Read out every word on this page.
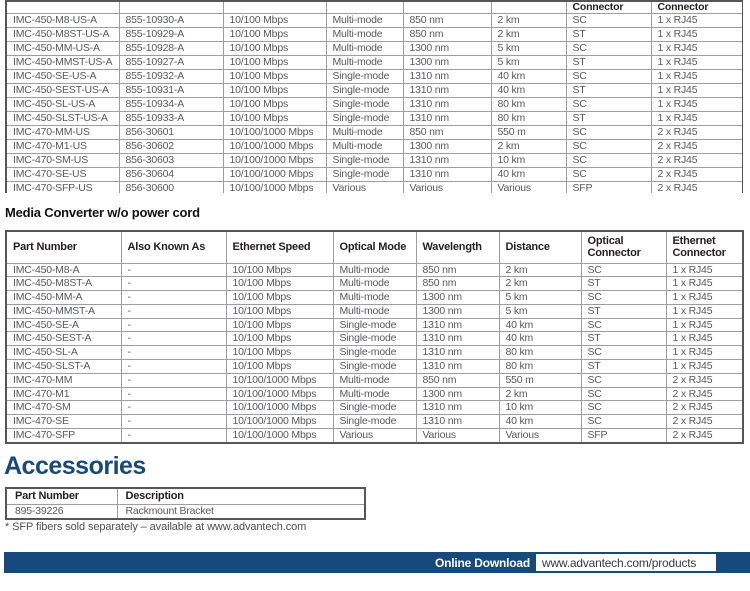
						Connector	Connector
IMC-450-M8-US-A	855-10930-A	10/100 Mbps	Multi-mode	850 nm	2 km	SC	1 x RJ45
IMC-450-M8ST-US-A	855-10929-A	10/100 Mbps	Multi-mode	850 nm	2 km	ST	1 x RJ45
IMC-450-MM-US-A	855-10928-A	10/100 Mbps	Multi-mode	1300 nm	5 km	SC	1 x RJ45
IMC-450-MMST-US-A	855-10927-A	10/100 Mbps	Multi-mode	1300 nm	5 km	ST	1 x RJ45
IMC-450-SE-US-A	855-10932-A	10/100 Mbps	Single-mode	1310 nm	40 km	SC	1 x RJ45
IMC-450-SEST-US-A	855-10931-A	10/100 Mbps	Single-mode	1310 nm	40 km	ST	1 x RJ45
IMC-450-SL-US-A	855-10934-A	10/100 Mbps	Single-mode	1310 nm	80 km	SC	1 x RJ45
IMC-450-SLST-US-A	855-10933-A	10/100 Mbps	Single-mode	1310 nm	80 km	ST	1 x RJ45
IMC-470-MM-US	856-30601	10/100/1000 Mbps	Multi-mode	850 nm	550 m	SC	2 x RJ45
IMC-470-M1-US	856-30602	10/100/1000 Mbps	Multi-mode	1300 nm	2 km	SC	2 x RJ45
IMC-470-SM-US	856-30603	10/100/1000 Mbps	Single-mode	1310 nm	10 km	SC	2 x RJ45
IMC-470-SE-US	856-30604	10/100/1000 Mbps	Single-mode	1310 nm	40 km	SC	2 x RJ45
IMC-470-SFP-US	856-30600	10/100/1000 Mbps	Various	Various	Various	SFP	2 x RJ45
Media Converter w/o power cord
Part Number	Also Known As	Ethernet Speed	Optical Mode	Wavelength	Distance	Optical Connector	Ethernet Connector
IMC-450-M8-A	-	10/100 Mbps	Multi-mode	850 nm	2 km	SC	1 x RJ45
IMC-450-M8ST-A	-	10/100 Mbps	Multi-mode	850 nm	2 km	ST	1 x RJ45
IMC-450-MM-A	-	10/100 Mbps	Multi-mode	1300 nm	5 km	SC	1 x RJ45
IMC-450-MMST-A	-	10/100 Mbps	Multi-mode	1300 nm	5 km	ST	1 x RJ45
IMC-450-SE-A	-	10/100 Mbps	Single-mode	1310 nm	40 km	SC	1 x RJ45
IMC-450-SEST-A	-	10/100 Mbps	Single-mode	1310 nm	40 km	ST	1 x RJ45
IMC-450-SL-A	-	10/100 Mbps	Single-mode	1310 nm	80 km	SC	1 x RJ45
IMC-450-SLST-A	-	10/100 Mbps	Single-mode	1310 nm	80 km	ST	1 x RJ45
IMC-470-MM	-	10/100/1000 Mbps	Multi-mode	850 nm	550 m	SC	2 x RJ45
IMC-470-M1	-	10/100/1000 Mbps	Multi-mode	1300 nm	2 km	SC	2 x RJ45
IMC-470-SM	-	10/100/1000 Mbps	Single-mode	1310 nm	10 km	SC	2 x RJ45
IMC-470-SE	-	10/100/1000 Mbps	Single-mode	1310 nm	40 km	SC	2 x RJ45
IMC-470-SFP	-	10/100/1000 Mbps	Various	Various	Various	SFP	2 x RJ45
Accessories
Part Number	Description
895-39226	Rackmount Bracket
* SFP fibers sold separately – available at www.advantech.com
Online Download www.advantech.com/products
